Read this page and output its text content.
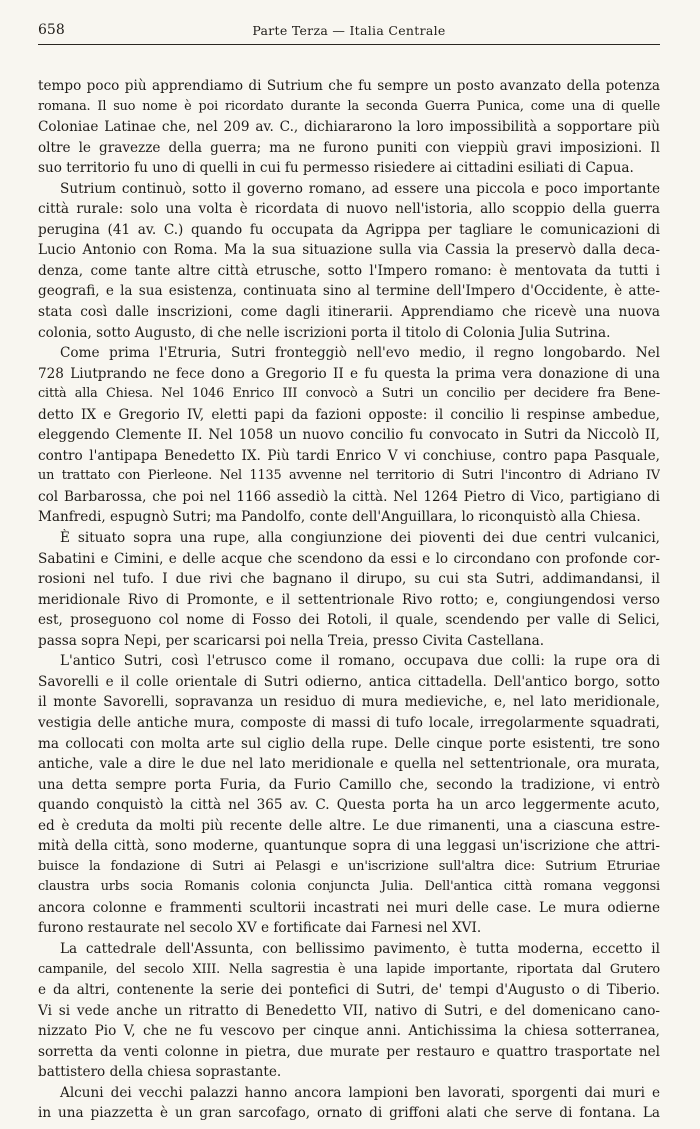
658	Parte Terza — Italia Centrale
tempo poco più apprendiamo di Sutrium che fu sempre un posto avanzato della potenza
romana. Il suo nome è poi ricordato durante la seconda Guerra Punica, come una di quelle
Coloniae Latinae che, nel 209 av. C., dichiararono la loro impossibilità a sopportare più
oltre le gravezze della guerra; ma ne furono puniti con vieppiù gravi imposizioni. Il
suo territorio fu uno di quelli in cui fu permesso risiedere ai cittadini esiliati di Capua.
Sutrium continuò, sotto il governo romano, ad essere una piccola e poco importante
città rurale: solo una volta è ricordata di nuovo nell'istoria, allo scoppio della guerra
perugina (41 av. C.) quando fu occupata da Agrippa per tagliare le comunicazioni di
Lucio Antonio con Roma. Ma la sua situazione sulla via Cassia la preservò dalla deca-
denza, come tante altre città etrusche, sotto l'Impero romano: è mentovata da tutti i
geografi, e la sua esistenza, continuata sino al termine dell'Impero d'Occidente, è atte-
stata così dalle inscrizioni, come dagli itinerarii. Apprendiamo che ricevè una nuova
colonia, sotto Augusto, di che nelle iscrizioni porta il titolo di Colonia Julia Sutrina.
Come prima l'Etruria, Sutri fronteggiò nell'evo medio, il regno longobardo. Nel
728 Liutprando ne fece dono a Gregorio II e fu questa la prima vera donazione di una
città alla Chiesa. Nel 1046 Enrico III convocò a Sutri un concilio per decidere fra Bene-
detto IX e Gregorio IV, eletti papi da fazioni opposte: il concilio li respinse ambedue,
eleggendo Clemente II. Nel 1058 un nuovo concilio fu convocato in Sutri da Niccolò II,
contro l'antipapa Benedetto IX. Più tardi Enrico V vi conchiuse, contro papa Pasquale,
un trattato con Pierleone. Nel 1135 avvenne nel territorio di Sutri l'incontro di Adriano IV
col Barbarossa, che poi nel 1166 assediò la città. Nel 1264 Pietro di Vico, partigiano di
Manfredi, espugnò Sutri; ma Pandolfo, conte dell'Anguillara, lo riconquistò alla Chiesa.
È situato sopra una rupe, alla congiunzione dei pioventi dei due centri vulcanici,
Sabatini e Cimini, e delle acque che scendono da essi e lo circondano con profonde cor-
rosioni nel tufo. I due rivi che bagnano il dirupo, su cui sta Sutri, addimandansi, il
meridionale Rivo di Promonte, e il settentrionale Rivo rotto; e, congiungendosi verso
est, proseguono col nome di Fosso dei Rotoli, il quale, scendendo per valle di Selici,
passa sopra Nepi, per scaricarsi poi nella Treia, presso Civita Castellana.
L'antico Sutri, così l'etrusco come il romano, occupava due colli: la rupe ora di
Savorelli e il colle orientale di Sutri odierno, antica cittadella. Dell'antico borgo, sotto
il monte Savorelli, sopravanza un residuo di mura medieviche, e, nel lato meridionale,
vestigia delle antiche mura, composte di massi di tufo locale, irregolarmente squadrati,
ma collocati con molta arte sul ciglio della rupe. Delle cinque porte esistenti, tre sono
antiche, vale a dire le due nel lato meridionale e quella nel settentrionale, ora murata,
una detta sempre porta Furia, da Furio Camillo che, secondo la tradizione, vi entrò
quando conquistò la città nel 365 av. C. Questa porta ha un arco leggermente acuto,
ed è creduta da molti più recente delle altre. Le due rimanenti, una a ciascuna estre-
mità della città, sono moderne, quantunque sopra di una leggasi un'iscrizione che attri-
buisce la fondazione di Sutri ai Pelasgi e un'iscrizione sull'altra dice: Sutrium Etruriae
claustra urbs socia Romanis colonia conjuncta Julia. Dell'antica città romana veggonsi
ancora colonne e frammenti scultorii incastrati nei muri delle case. Le mura odierne
furono restaurate nel secolo XV e fortificate dai Farnesi nel XVI.
La cattedrale dell'Assunta, con bellissimo pavimento, è tutta moderna, eccetto il
campanile, del secolo XIII. Nella sagrestia è una lapide importante, riportata dal Grutero
e da altri, contenente la serie dei pontefici di Sutri, de' tempi d'Augusto o di Tiberio.
Vi si vede anche un ritratto di Benedetto VII, nativo di Sutri, e del domenicano cano-
nizzato Pio V, che ne fu vescovo per cinque anni. Antichissima la chiesa sotterranea,
sorretta da venti colonne in pietra, due murate per restauro e quattro trasportate nel
battistero della chiesa soprastante.
Alcuni dei vecchi palazzi hanno ancora lampioni ben lavorati, sporgenti dai muri e
in una piazzetta è un gran sarcofago, ornato di griffoni alati che serve di fontana. La
